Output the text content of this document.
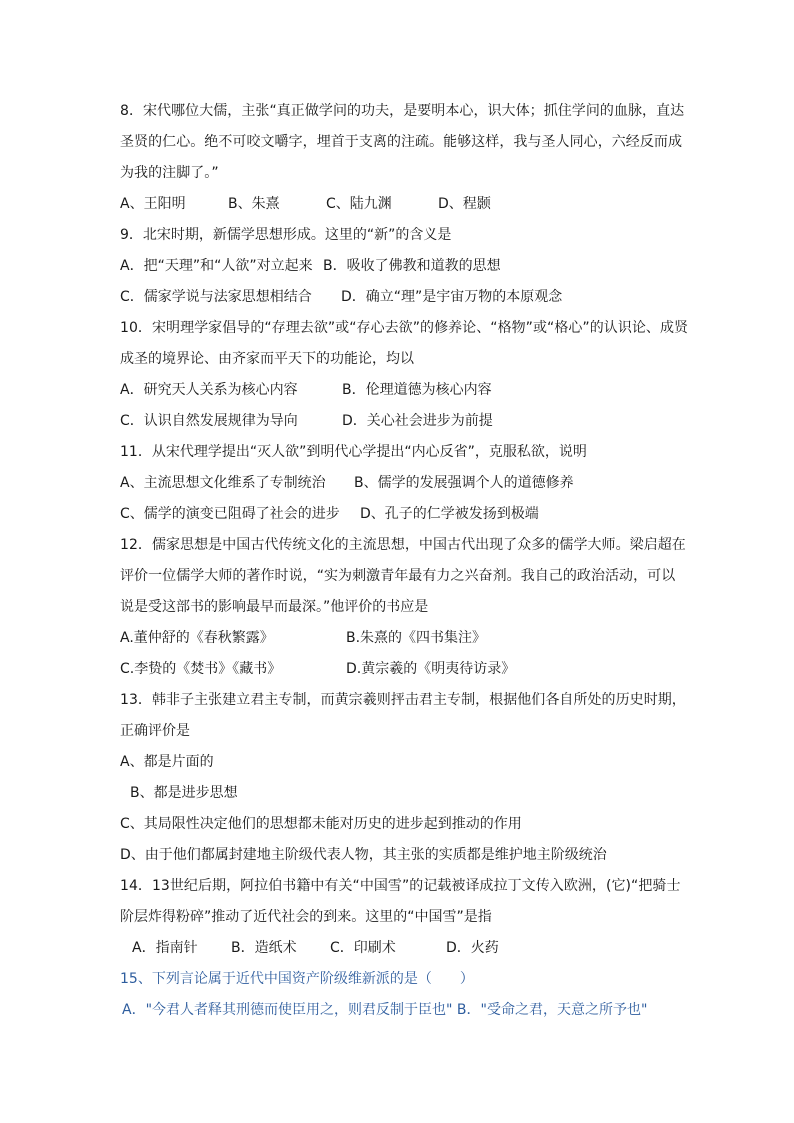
8．宋代哪位大儒，主张“真正做学问的功夫，是要明本心，识大体；抓住学问的血脉，直达
圣贤的仁心。绝不可咬文嚼字，埋首于支离的注疏。能够这样，我与圣人同心，六经反而成
为我的注脚了。”
A、王阳明	B、朱熹	C、陆九渊	D、程颢
9．北宋时期，新儒学思想形成。这里的“新”的含义是
A．把“天理”和“人欲”对立起来 B．吸收了佛教和道教的思想
C．儒家学说与法家思想相结合	D．确立“理”是宇宙万物的本原观念
10．宋明理学家倡导的“存理去欲”或“存心去欲”的修养论、“格物”或“格心”的认识论、成贤
成圣的境界论、由齐家而平天下的功能论，均以
A．研究天人关系为核心内容	B．伦理道德为核心内容
C．认识自然发展规律为导向	D．关心社会进步为前提
11．从宋代理学提出“灭人欲”到明代心学提出“内心反省”，克服私欲，说明
A、主流思想文化维系了专制统治	B、儒学的发展强调个人的道德修养
C、儒学的演变已阻碍了社会的进步	D、孔子的仁学被发扬到极端
12．儒家思想是中国古代传统文化的主流思想，中国古代出现了众多的儒学大师。梁启超在
评价一位儒学大师的著作时说，“实为刺激青年最有力之兴奋剂。我自己的政治活动，可以
说是受这部书的影响最早而最深。”他评价的书应是
A.董仲舒的《春秋繁露》	B.朱熹的《四书集注》
C.李贽的《焚书》《藏书》	D.黄宗羲的《明夷待访录》
13．韩非子主张建立君主专制，而黄宗羲则抨击君主专制，根据他们各自所处的历史时期，
正确评价是
A、都是片面的
B、都是进步思想
C、其局限性决定他们的思想都未能对历史的进步起到推动的作用
D、由于他们都属封建地主阶级代表人物，其主张的实质都是维护地主阶级统治
14．13世纪后期，阿拉伯书籍中有关“中国雪”的记载被译成拉丁文传入欧洲，(它)“把骑士
阶层炸得粉碎”推动了近代社会的到来。这里的“中国雪”是指
A．指南针	B．造纸术	C．印刷术	D．火药
15、下列言论属于近代中国资产阶级维新派的是（　　）
A．"今君人者释其刑德而使臣用之，则君反制于臣也" B．"受命之君，天意之所予也"
